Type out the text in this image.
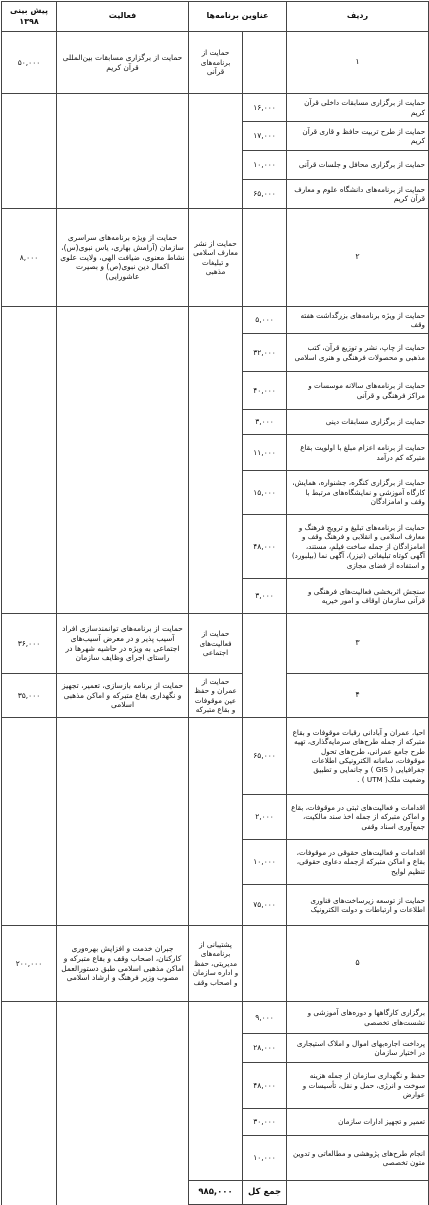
ردیف	عناوین برنامه‌ها		فعالیت	پیش بینی ۱۳۹۸
۱		حمایت از برنامه‌های قرآنی	حمایت از برگزاری مسابقات بین‌المللی قرآن کریم	۵۰,۰۰۰
حمایت از برگزاری مسابقات داخلی قرآن کریم	۱۶,۰۰۰			
حمایت از طرح تربیت حافظ و قاری قرآن کریم	۱۷,۰۰۰			
حمایت از برگزاری محافل و جلسات قرآنی	۱۰,۰۰۰			
حمایت از برنامه‌های دانشگاه علوم و معارف قرآن کریم	۶۵,۰۰۰			
۲		حمایت از نشر معارف اسلامی و تبلیغات مذهبی	حمایت از ویژه برنامه‌های سراسری سازمان (آرامش بهاری، یاس نبوی(س)، نشاط معنوی، ضیافت الهی، ولایت علوی اکمال دین نبوی(ص) و بصیرت عاشورایی)	۸,۰۰۰
حمایت از ویژه برنامه‌های بزرگداشت هفته وقف	۵,۰۰۰			
حمایت از چاپ، نشر و توزیع قرآن، کتب مذهبی و محصولات فرهنگی و هنری اسلامی	۳۲,۰۰۰			
حمایت از برنامه‌های سالانه موسسات و مراکز فرهنگی و قرآنی	۴۰,۰۰۰			
حمایت از برگزاری مسابقات دینی	۳,۰۰۰			
حمایت از برنامه اعزام مبلغ با اولویت بقاع متبرکه کم درآمد	۱۱,۰۰۰			
حمایت از برگزاری کنگره، جشنواره، همایش، کارگاه آموزشی و نمایشگاه‌های مرتبط با وقف و امامزادگان	۱۵,۰۰۰			
حمایت از برنامه‌های تبلیغ و ترویج فرهنگ و معارف اسلامی و انقلابی و فرهنگ وقف و امامزادگان از جمله ساخت فیلم، مستند، آگهی کوتاه تبلیغاتی (تیزر)، آگهی نما (بیلبورد) و استفاده از فضای مجازی	۴۸,۰۰۰			
سنجش اثربخشی فعالیت‌های فرهنگی و قرآنی سازمان اوقاف و امور خیریه	۳,۰۰۰			
۳		حمایت از فعالیت‌های اجتماعی	حمایت از برنامه‌های توانمندسازی افراد آسیب پذیر و در معرض آسیب‌های اجتماعی به ویژه در حاشیه شهرها در راستای اجرای وظایف سازمان	۳۶,۰۰۰
۴		حمایت از عمران و حفظ عین موقوفات و بقاع متبرکه	حمایت از برنامه بازسازی، تعمیر، تجهیز و نگهداری بقاع متبرکه و اماکن مذهبی اسلامی	۳۵,۰۰۰
احیا، عمران و آبادانی رقبات موقوفات و بقاع متبرکه از جمله طرح‌های سرمایه‌گذاری، تهیه طرح جامع عمرانی، طرح‌های تحول موقوفات، سامانه الکترونیکی اطلاعات جغرافیایی ( GIS ) و جانمایی و تطبیق وضعیت ملک( UTM ) .	۶۵,۰۰۰			
اقدامات و فعالیت‌های ثبتی در موقوفات، بقاع و اماکن متبرکه از جمله اخذ سند مالکیت، جمع‌آوری اسناد وقفی	۲,۰۰۰			
اقدامات و فعالیت‌های حقوقی در موقوفات، بقاع و اماکن متبرکه ازجمله دعاوی حقوقی، تنظیم لوایح	۱۰,۰۰۰			
حمایت از توسعه زیرساخت‌های فناوری اطلاعات و ارتباطات و دولت الکترونیک	۷۵,۰۰۰			
۵		پشتیبانی از برنامه‌های مدیریتی، حفظ و اداره سازمان و اصحاب وقف	جبران خدمت و افزایش بهره‌وری کارکنان، اصحاب وقف و بقاع متبرکه و اماکن مذهبی اسلامی طبق دستورالعمل مصوب وزیر فرهنگ و ارشاد اسلامی	۲۰۰,۰۰۰
برگزاری کارگاهها و دوره‌های آموزشی و نشست‌های تخصصی	۹,۰۰۰			
پرداخت اجاره‌بهای اموال و املاک استیجاری در اختیار سازمان	۲۸,۰۰۰			
حفظ و نگهداری سازمان از جمله هزینه سوخت و انرژی، حمل و نقل، تأسیسات و عوارض	۴۸,۰۰۰			
تعمیر و تجهیز ادارات سازمان	۳۰,۰۰۰			
انجام طرح‌های پژوهشی و مطالعاتی و تدوین متون تخصصی	۱۰,۰۰۰			
	جمع کل	۹۸۵,۰۰۰		
